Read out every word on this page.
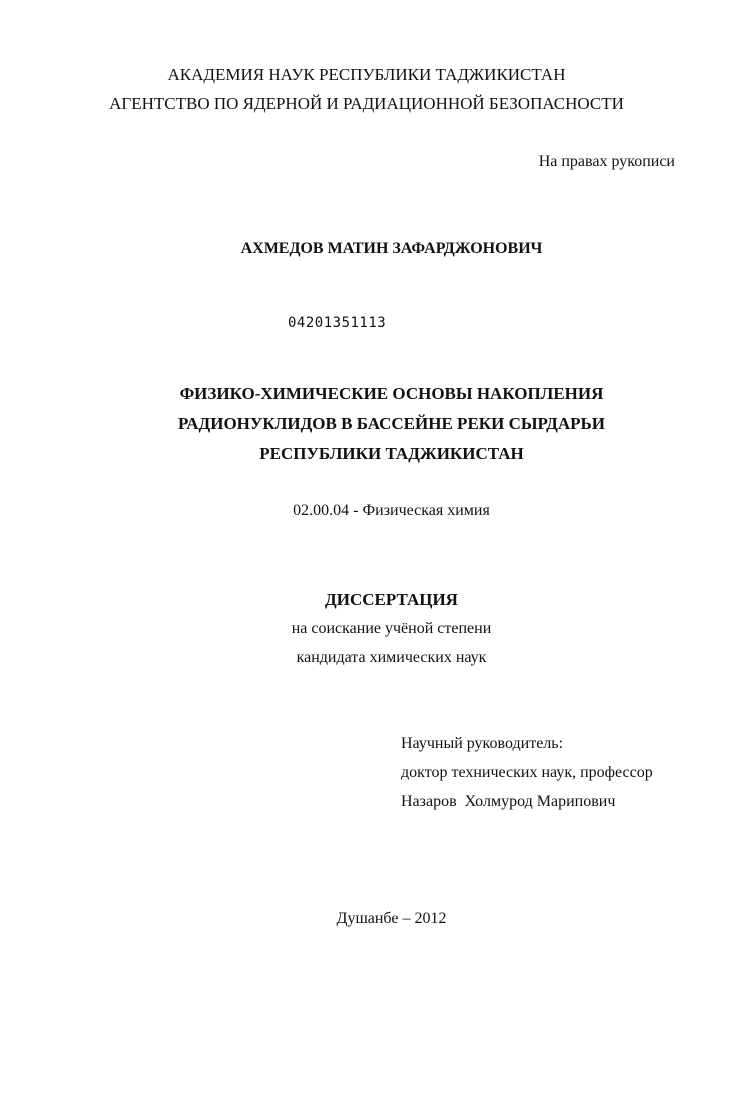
АКАДЕМИЯ НАУК РЕСПУБЛИКИ ТАДЖИКИСТАН
АГЕНТСТВО ПО ЯДЕРНОЙ И РАДИАЦИОННОЙ БЕЗОПАСНОСТИ
На правах рукописи
АХМЕДОВ МАТИН ЗАФАРДЖОНОВИЧ
04201351113
ФИЗИКО-ХИМИЧЕСКИЕ ОСНОВЫ НАКОПЛЕНИЯ
РАДИОНУКЛИДОВ В БАССЕЙНЕ РЕКИ СЫРДАРЬИ
РЕСПУБЛИКИ ТАДЖИКИСТАН
02.00.04 - Физическая химия
ДИССЕРТАЦИЯ
на соискание учёной степени
кандидата химических наук
Научный руководитель:
доктор технических наук, профессор
Назаров  Холмурод Марипович
Душанбе – 2012
